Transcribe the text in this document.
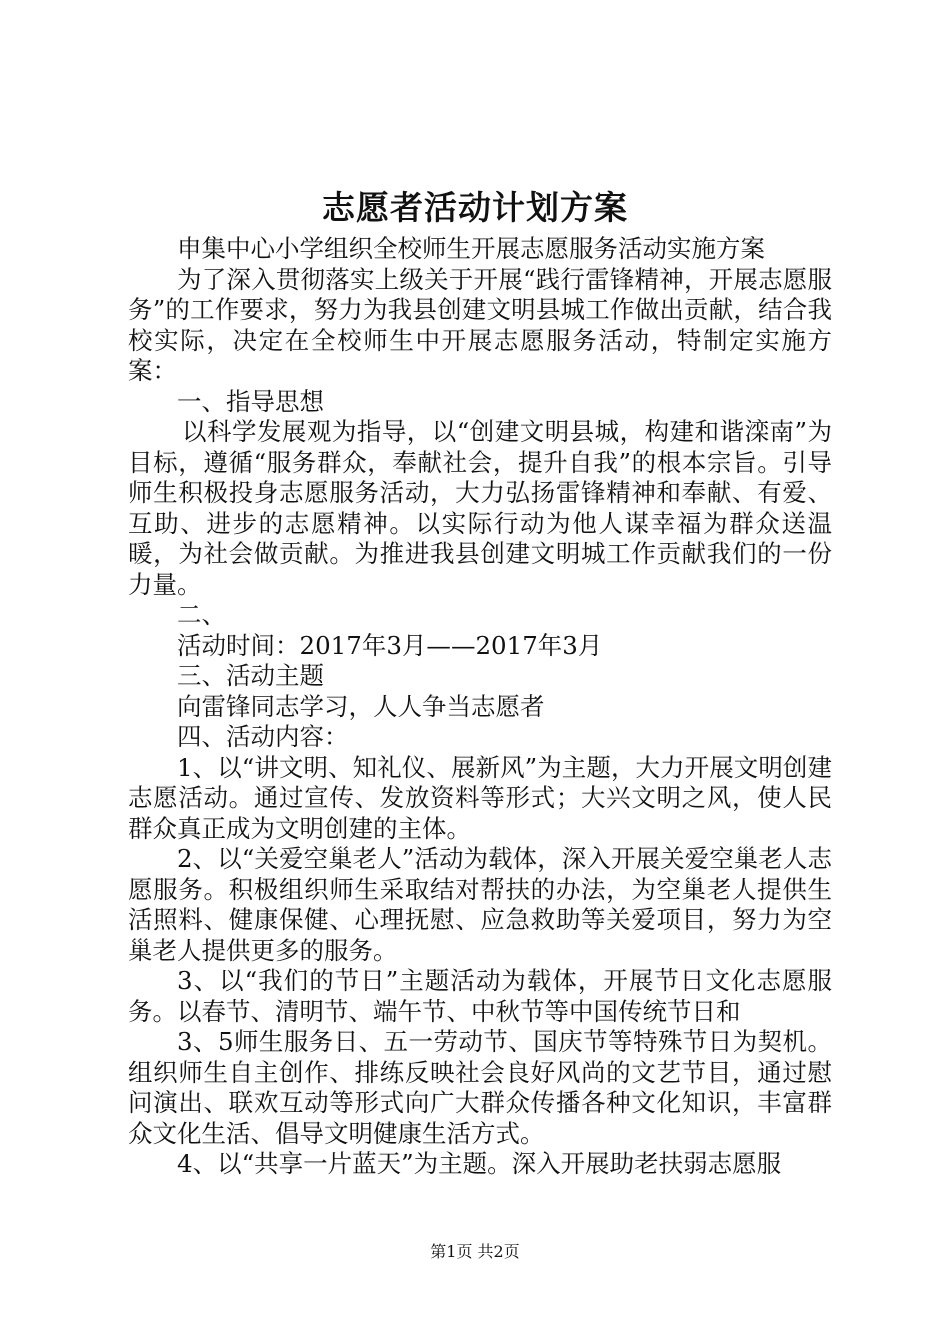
志愿者活动计划方案

申集中心小学组织全校师生开展志愿服务活动实施方案

为了深入贯彻落实上级关于开展“践行雷锋精神，开展志愿服务”的工作要求，努力为我县创建文明县城工作做出贡献，结合我校实际，决定在全校师生中开展志愿服务活动，特制定实施方案：

一、指导思想

以科学发展观为指导，以“创建文明县城，构建和谐滦南”为目标，遵循“服务群众，奉献社会，提升自我”的根本宗旨。引导师生积极投身志愿服务活动，大力弘扬雷锋精神和奉献、有爱、互助、进步的志愿精神。以实际行动为他人谋幸福为群众送温暖，为社会做贡献。为推进我县创建文明城工作贡献我们的一份力量。

二、

活动时间：2017年3月——2017年3月

三、活动主题

向雷锋同志学习，人人争当志愿者

四、活动内容：

1、以“讲文明、知礼仪、展新风”为主题，大力开展文明创建志愿活动。通过宣传、发放资料等形式；大兴文明之风，使人民群众真正成为文明创建的主体。

2、以“关爱空巢老人”活动为载体，深入开展关爱空巢老人志愿服务。积极组织师生采取结对帮扶的办法，为空巢老人提供生活照料、健康保健、心理抚慰、应急救助等关爱项目，努力为空巢老人提供更多的服务。

3、以“我们的节日”主题活动为载体，开展节日文化志愿服务。以春节、清明节、端午节、中秋节等中国传统节日和

3、5师生服务日、五一劳动节、国庆节等特殊节日为契机。组织师生自主创作、排练反映社会良好风尚的文艺节目，通过慰问演出、联欢互动等形式向广大群众传播各种文化知识，丰富群众文化生活、倡导文明健康生活方式。

4、以“共享一片蓝天”为主题。深入开展助老扶弱志愿服

第1页 共2页
